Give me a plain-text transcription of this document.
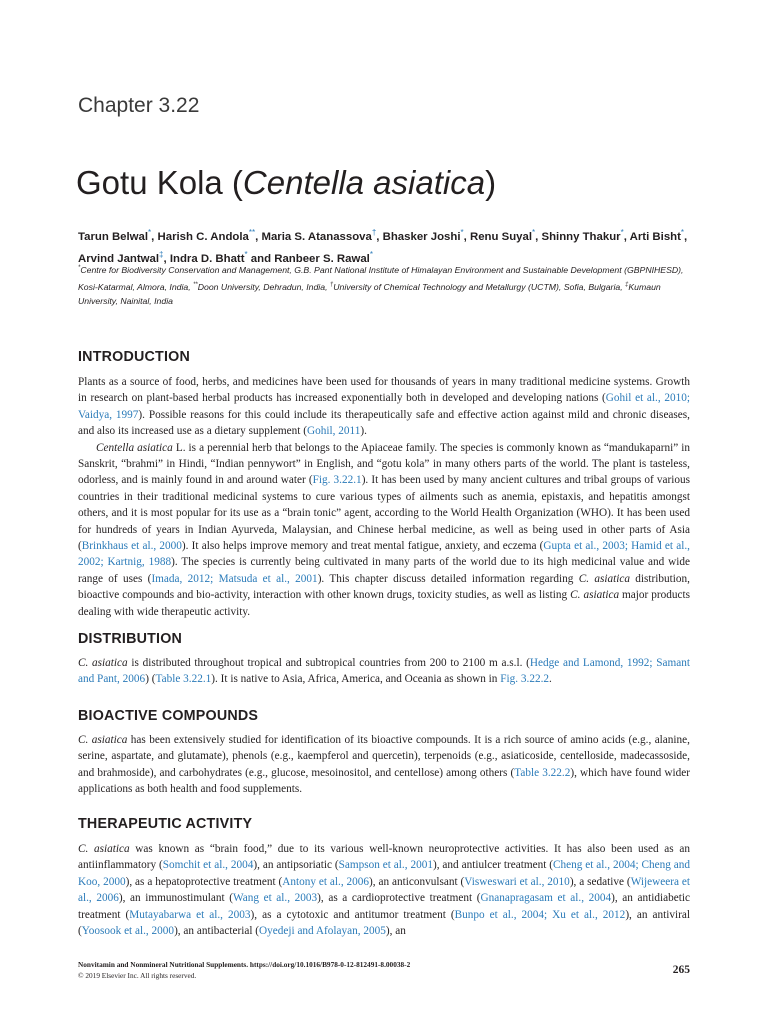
Chapter 3.22
Gotu Kola (Centella asiatica)

Tarun Belwal*, Harish C. Andola**, Maria S. Atanassova†, Bhasker Joshi*, Renu Suyal*, Shinny Thakur*, Arti Bisht*, Arvind Jantwal‡, Indra D. Bhatt* and Ranbeer S. Rawal*

*Centre for Biodiversity Conservation and Management, G.B. Pant National Institute of Himalayan Environment and Sustainable Development (GBPNIHESD), Kosi-Katarmal, Almora, India, **Doon University, Dehradun, India, †University of Chemical Technology and Metallurgy (UCTM), Sofia, Bulgaria, ‡Kumaun University, Nainital, India

INTRODUCTION

Plants as a source of food, herbs, and medicines have been used for thousands of years in many traditional medicine systems. Growth in research on plant-based herbal products has increased exponentially both in developed and developing nations (Gohil et al., 2010; Vaidya, 1997). Possible reasons for this could include its therapeutically safe and effective action against mild and chronic diseases, and also its increased use as a dietary supplement (Gohil, 2011).

Centella asiatica L. is a perennial herb that belongs to the Apiaceae family. The species is commonly known as “mandukaparni” in Sanskrit, “brahmi” in Hindi, “Indian pennywort” in English, and “gotu kola” in many others parts of the world. The plant is tasteless, odorless, and is mainly found in and around water (Fig. 3.22.1). It has been used by many ancient cultures and tribal groups of various countries in their traditional medicinal systems to cure various types of ailments such as anemia, epistaxis, and hepatitis amongst others, and it is most popular for its use as a “brain tonic” agent, according to the World Health Organization (WHO). It has been used for hundreds of years in Indian Ayurveda, Malaysian, and Chinese herbal medicine, as well as being used in other parts of Asia (Brinkhaus et al., 2000). It also helps improve memory and treat mental fatigue, anxiety, and eczema (Gupta et al., 2003; Hamid et al., 2002; Kartnig, 1988). The species is currently being cultivated in many parts of the world due to its high medicinal value and wide range of uses (Imada, 2012; Matsuda et al., 2001). This chapter discuss detailed information regarding C. asiatica distribution, bioactive compounds and bio-activity, interaction with other known drugs, toxicity studies, as well as listing C. asiatica major products dealing with wide therapeutic activity.

DISTRIBUTION

C. asiatica is distributed throughout tropical and subtropical countries from 200 to 2100 m a.s.l. (Hedge and Lamond, 1992; Samant and Pant, 2006) (Table 3.22.1). It is native to Asia, Africa, America, and Oceania as shown in Fig. 3.22.2.

BIOACTIVE COMPOUNDS

C. asiatica has been extensively studied for identification of its bioactive compounds. It is a rich source of amino acids (e.g., alanine, serine, aspartate, and glutamate), phenols (e.g., kaempferol and quercetin), terpenoids (e.g., asiaticoside, centelloside, madecassoside, and brahmoside), and carbohydrates (e.g., glucose, mesoinositol, and centellose) among others (Table 3.22.2), which have found wider applications as both health and food supplements.

THERAPEUTIC ACTIVITY

C. asiatica was known as “brain food,” due to its various well-known neuroprotective activities. It has also been used as an antiinflammatory (Somchit et al., 2004), an antipsoriatic (Sampson et al., 2001), and antiulcer treatment (Cheng et al., 2004; Cheng and Koo, 2000), as a hepatoprotective treatment (Antony et al., 2006), an anticonvulsant (Visweswari et al., 2010), a sedative (Wijeweera et al., 2006), an immunostimulant (Wang et al., 2003), as a cardioprotective treatment (Gnanapragasam et al., 2004), an antidiabetic treatment (Mutayabarwa et al., 2003), as a cytotoxic and antitumor treatment (Bunpo et al., 2004; Xu et al., 2012), an antiviral (Yoosook et al., 2000), an antibacterial (Oyedeji and Afolayan, 2005), an

Nonvitamin and Nonmineral Nutritional Supplements. https://doi.org/10.1016/B978-0-12-812491-8.00038-2
© 2019 Elsevier Inc. All rights reserved.	265
